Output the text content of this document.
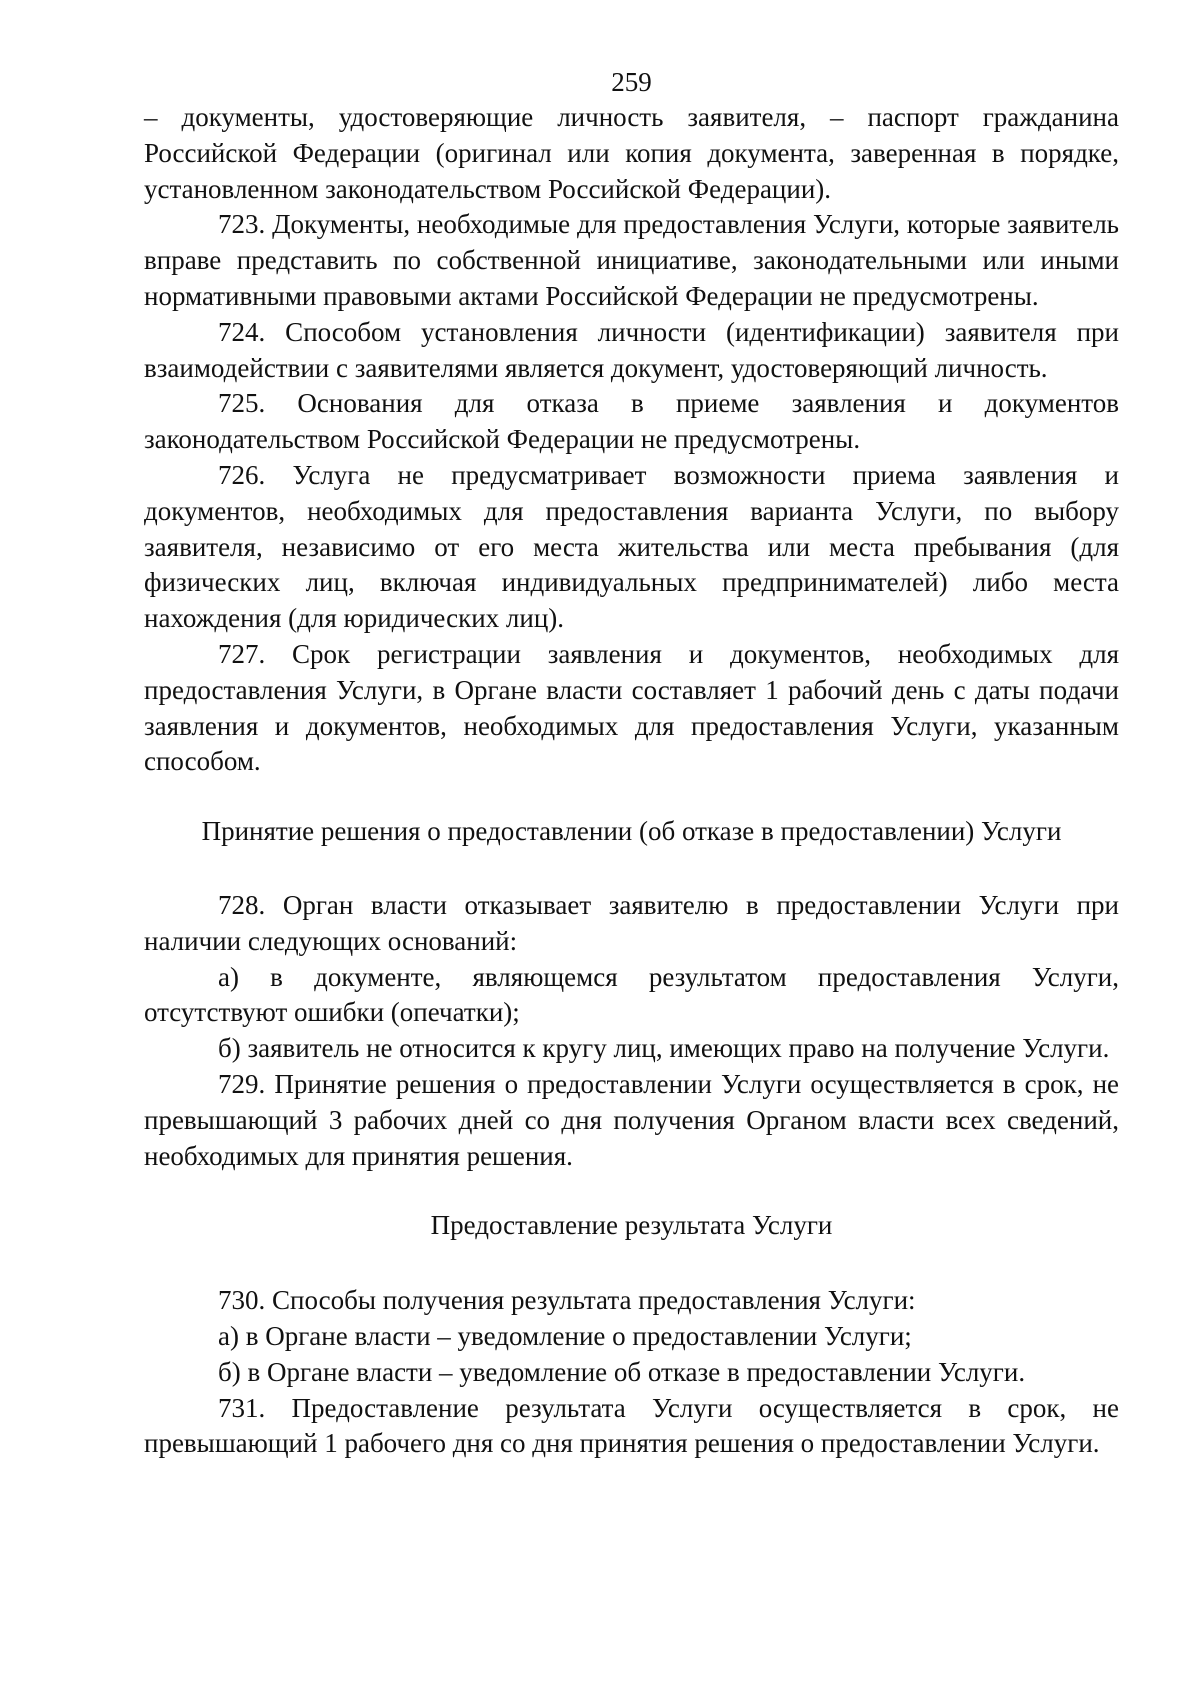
259

– документы, удостоверяющие личность заявителя, – паспорт гражданина Российской Федерации (оригинал или копия документа, заверенная в порядке, установленном законодательством Российской Федерации).

723. Документы, необходимые для предоставления Услуги, которые заявитель вправе представить по собственной инициативе, законодательными или иными нормативными правовыми актами Российской Федерации не предусмотрены.

724. Способом установления личности (идентификации) заявителя при взаимодействии с заявителями является документ, удостоверяющий личность.

725. Основания для отказа в приеме заявления и документов законодательством Российской Федерации не предусмотрены.

726. Услуга не предусматривает возможности приема заявления и документов, необходимых для предоставления варианта Услуги, по выбору заявителя, независимо от его места жительства или места пребывания (для физических лиц, включая индивидуальных предпринимателей) либо места нахождения (для юридических лиц).

727. Срок регистрации заявления и документов, необходимых для предоставления Услуги, в Органе власти составляет 1 рабочий день с даты подачи заявления и документов, необходимых для предоставления Услуги, указанным способом.

Принятие решения о предоставлении (об отказе в предоставлении) Услуги

728. Орган власти отказывает заявителю в предоставлении Услуги при наличии следующих оснований:

а) в документе, являющемся результатом предоставления Услуги, отсутствуют ошибки (опечатки);

б) заявитель не относится к кругу лиц, имеющих право на получение Услуги.

729. Принятие решения о предоставлении Услуги осуществляется в срок, не превышающий 3 рабочих дней со дня получения Органом власти всех сведений, необходимых для принятия решения.

Предоставление результата Услуги

730. Способы получения результата предоставления Услуги:

а) в Органе власти – уведомление о предоставлении Услуги;

б) в Органе власти – уведомление об отказе в предоставлении Услуги.

731. Предоставление результата Услуги осуществляется в срок, не превышающий 1 рабочего дня со дня принятия решения о предоставлении Услуги.
